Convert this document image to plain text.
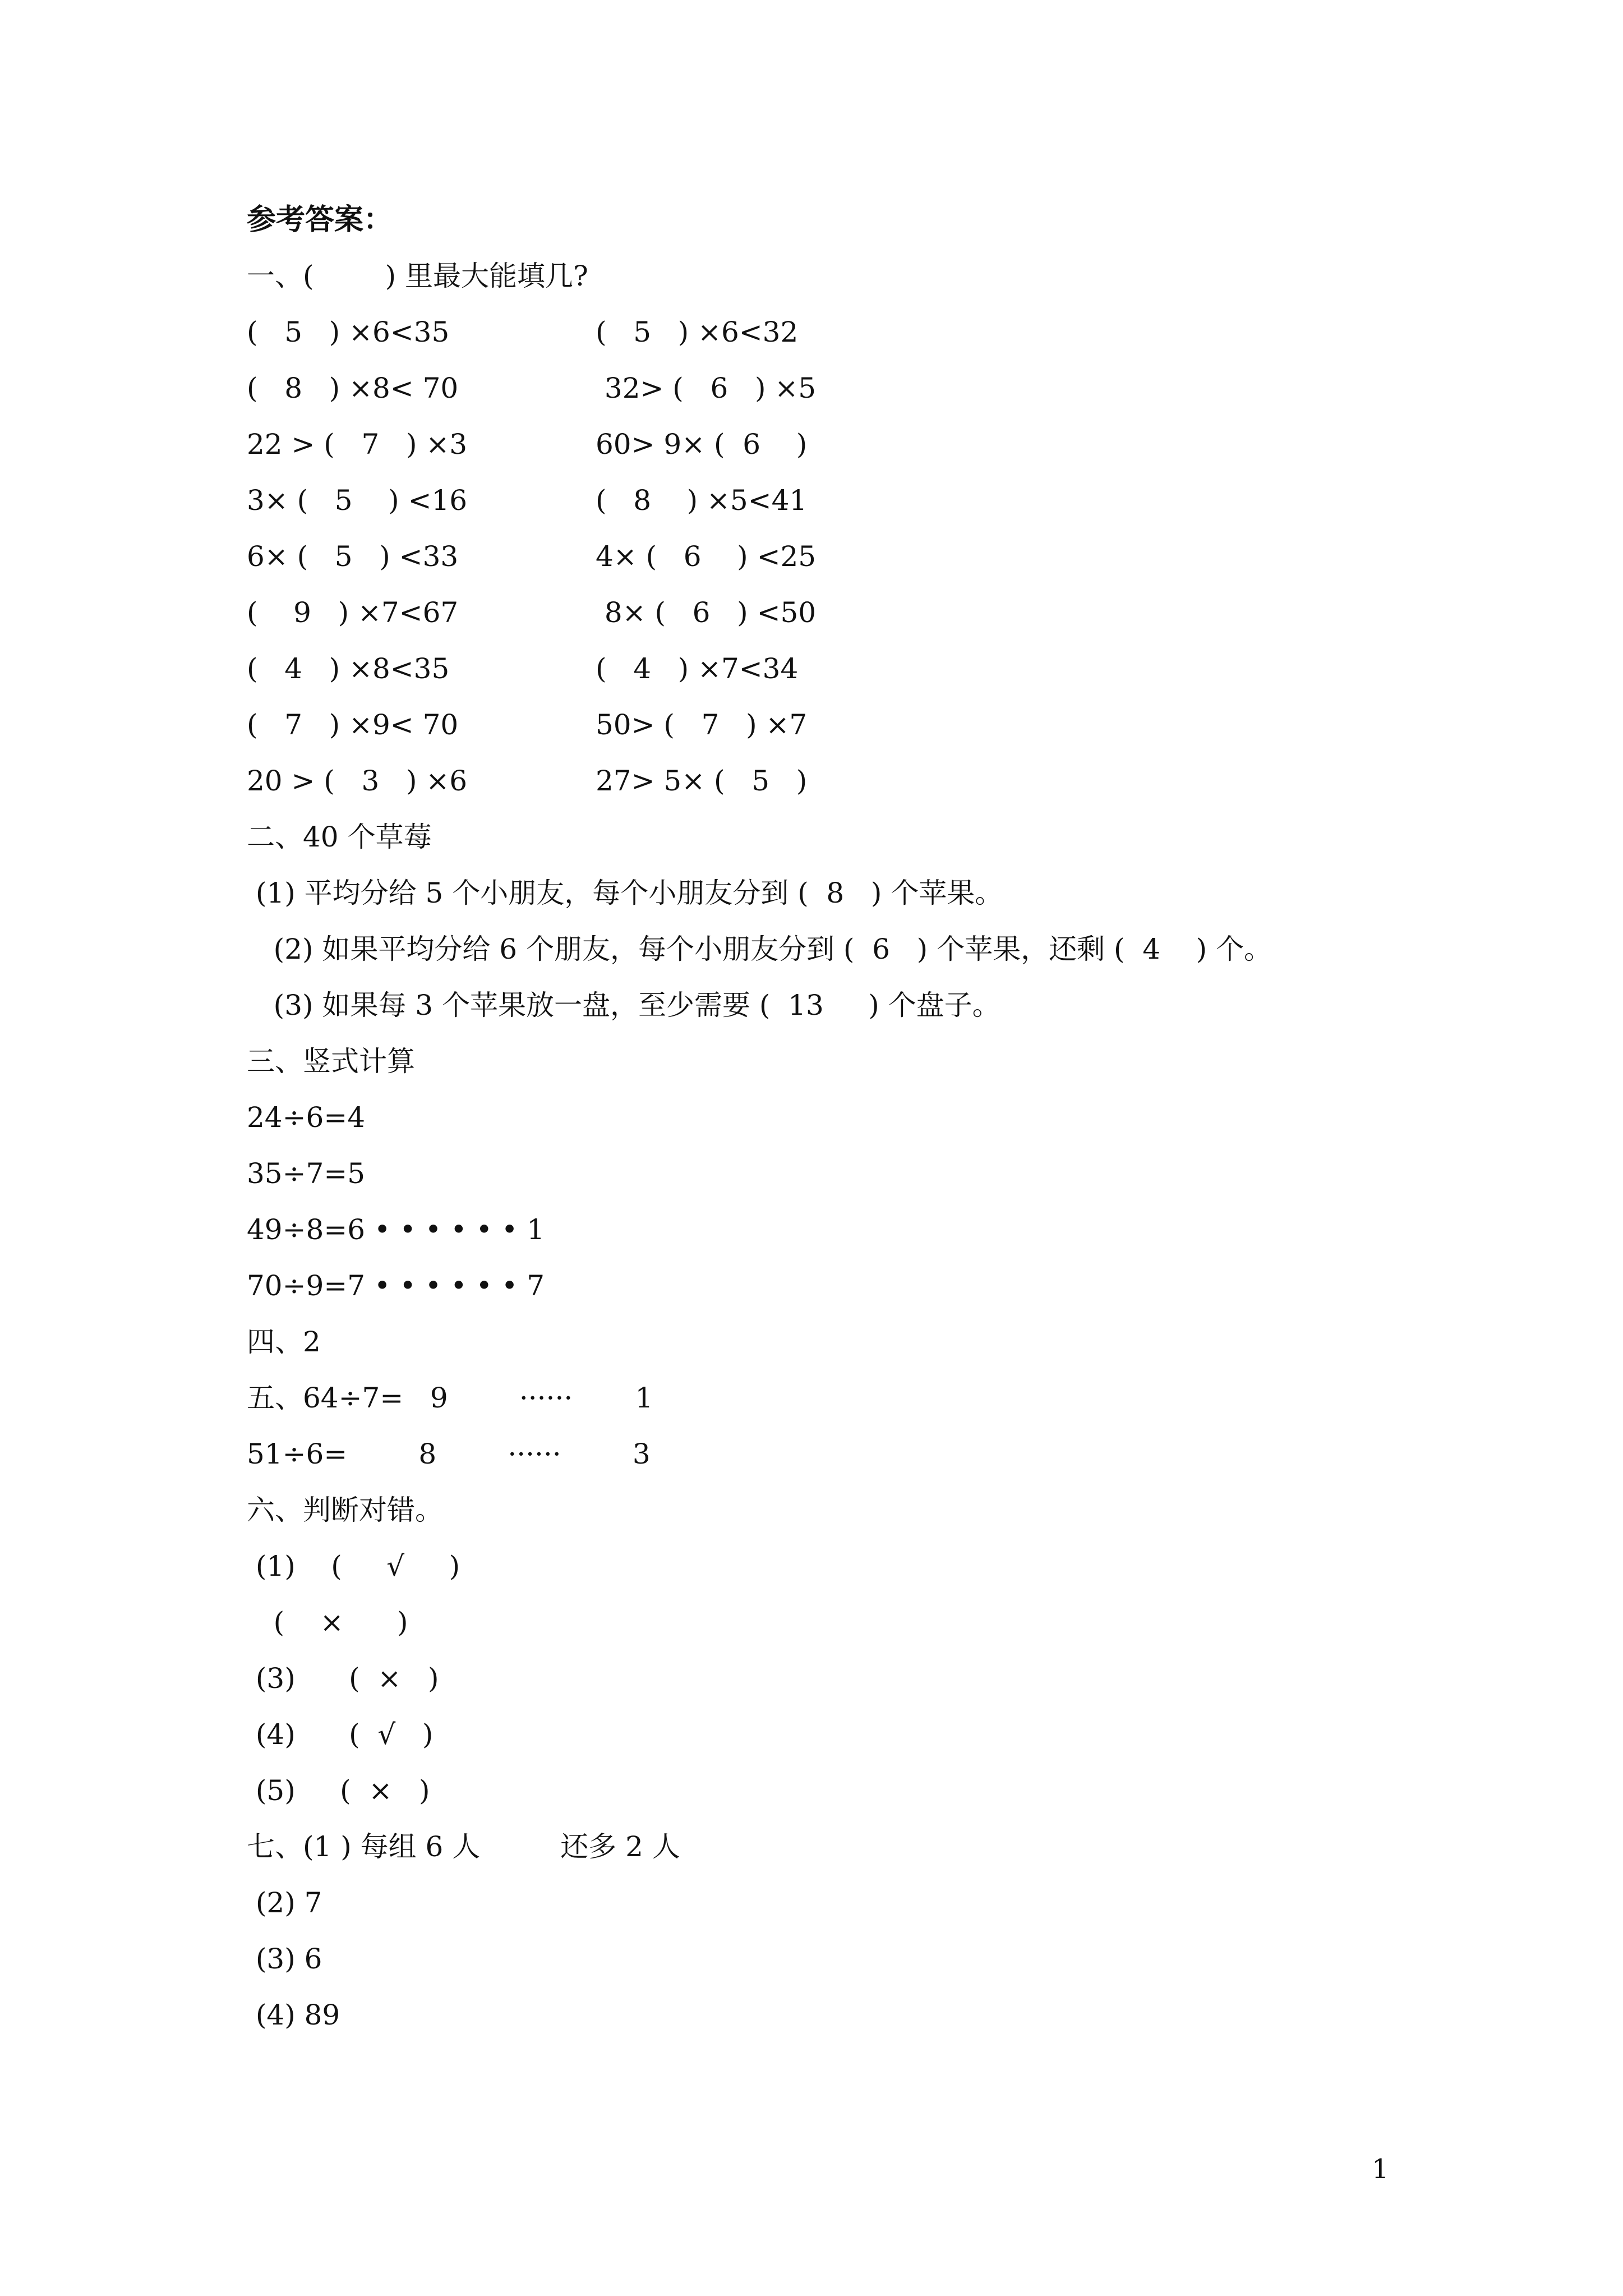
参考答案：
一、(        ) 里最大能填几?
(   5   ) ×6<35	(   5   ) ×6<32
(   8   ) ×8< 70	32> (   6   ) ×5
22 > (   7   ) ×3	60> 9× (  6    )
3× (   5    ) <16	(   8    ) ×5<41
6× (   5   ) <33	4× (   6    ) <25
(    9   ) ×7<67	8× (   6   ) <50
(   4   ) ×8<35	(   4   ) ×7<34
(   7   ) ×9< 70	50> (   7   ) ×7
20 > (   3   ) ×6	27> 5× (   5   )
二、40 个草莓
(1) 平均分给 5 个小朋友，每个小朋友分到 (  8   ) 个苹果。
(2) 如果平均分给 6 个朋友，每个小朋友分到 (  6   ) 个苹果，还剩 (  4    ) 个。
(3) 如果每 3 个苹果放一盘，至少需要 (  13     ) 个盘子。
三、竖式计算
24÷6=4
35÷7=5
49÷8=6 • • • • • • 1
70÷9=7 • • • • • • 7
四、2
五、64÷7=   9        ······       1
51÷6=        8        ······        3
六、判断对错。
(1)    (     √     )
(    ×      )
(3)      (  ×   )
(4)      (  √   )
(5)     (  ×   )
七、(1 ) 每组 6 人         还多 2 人
(2) 7
(3) 6
(4) 89
1
